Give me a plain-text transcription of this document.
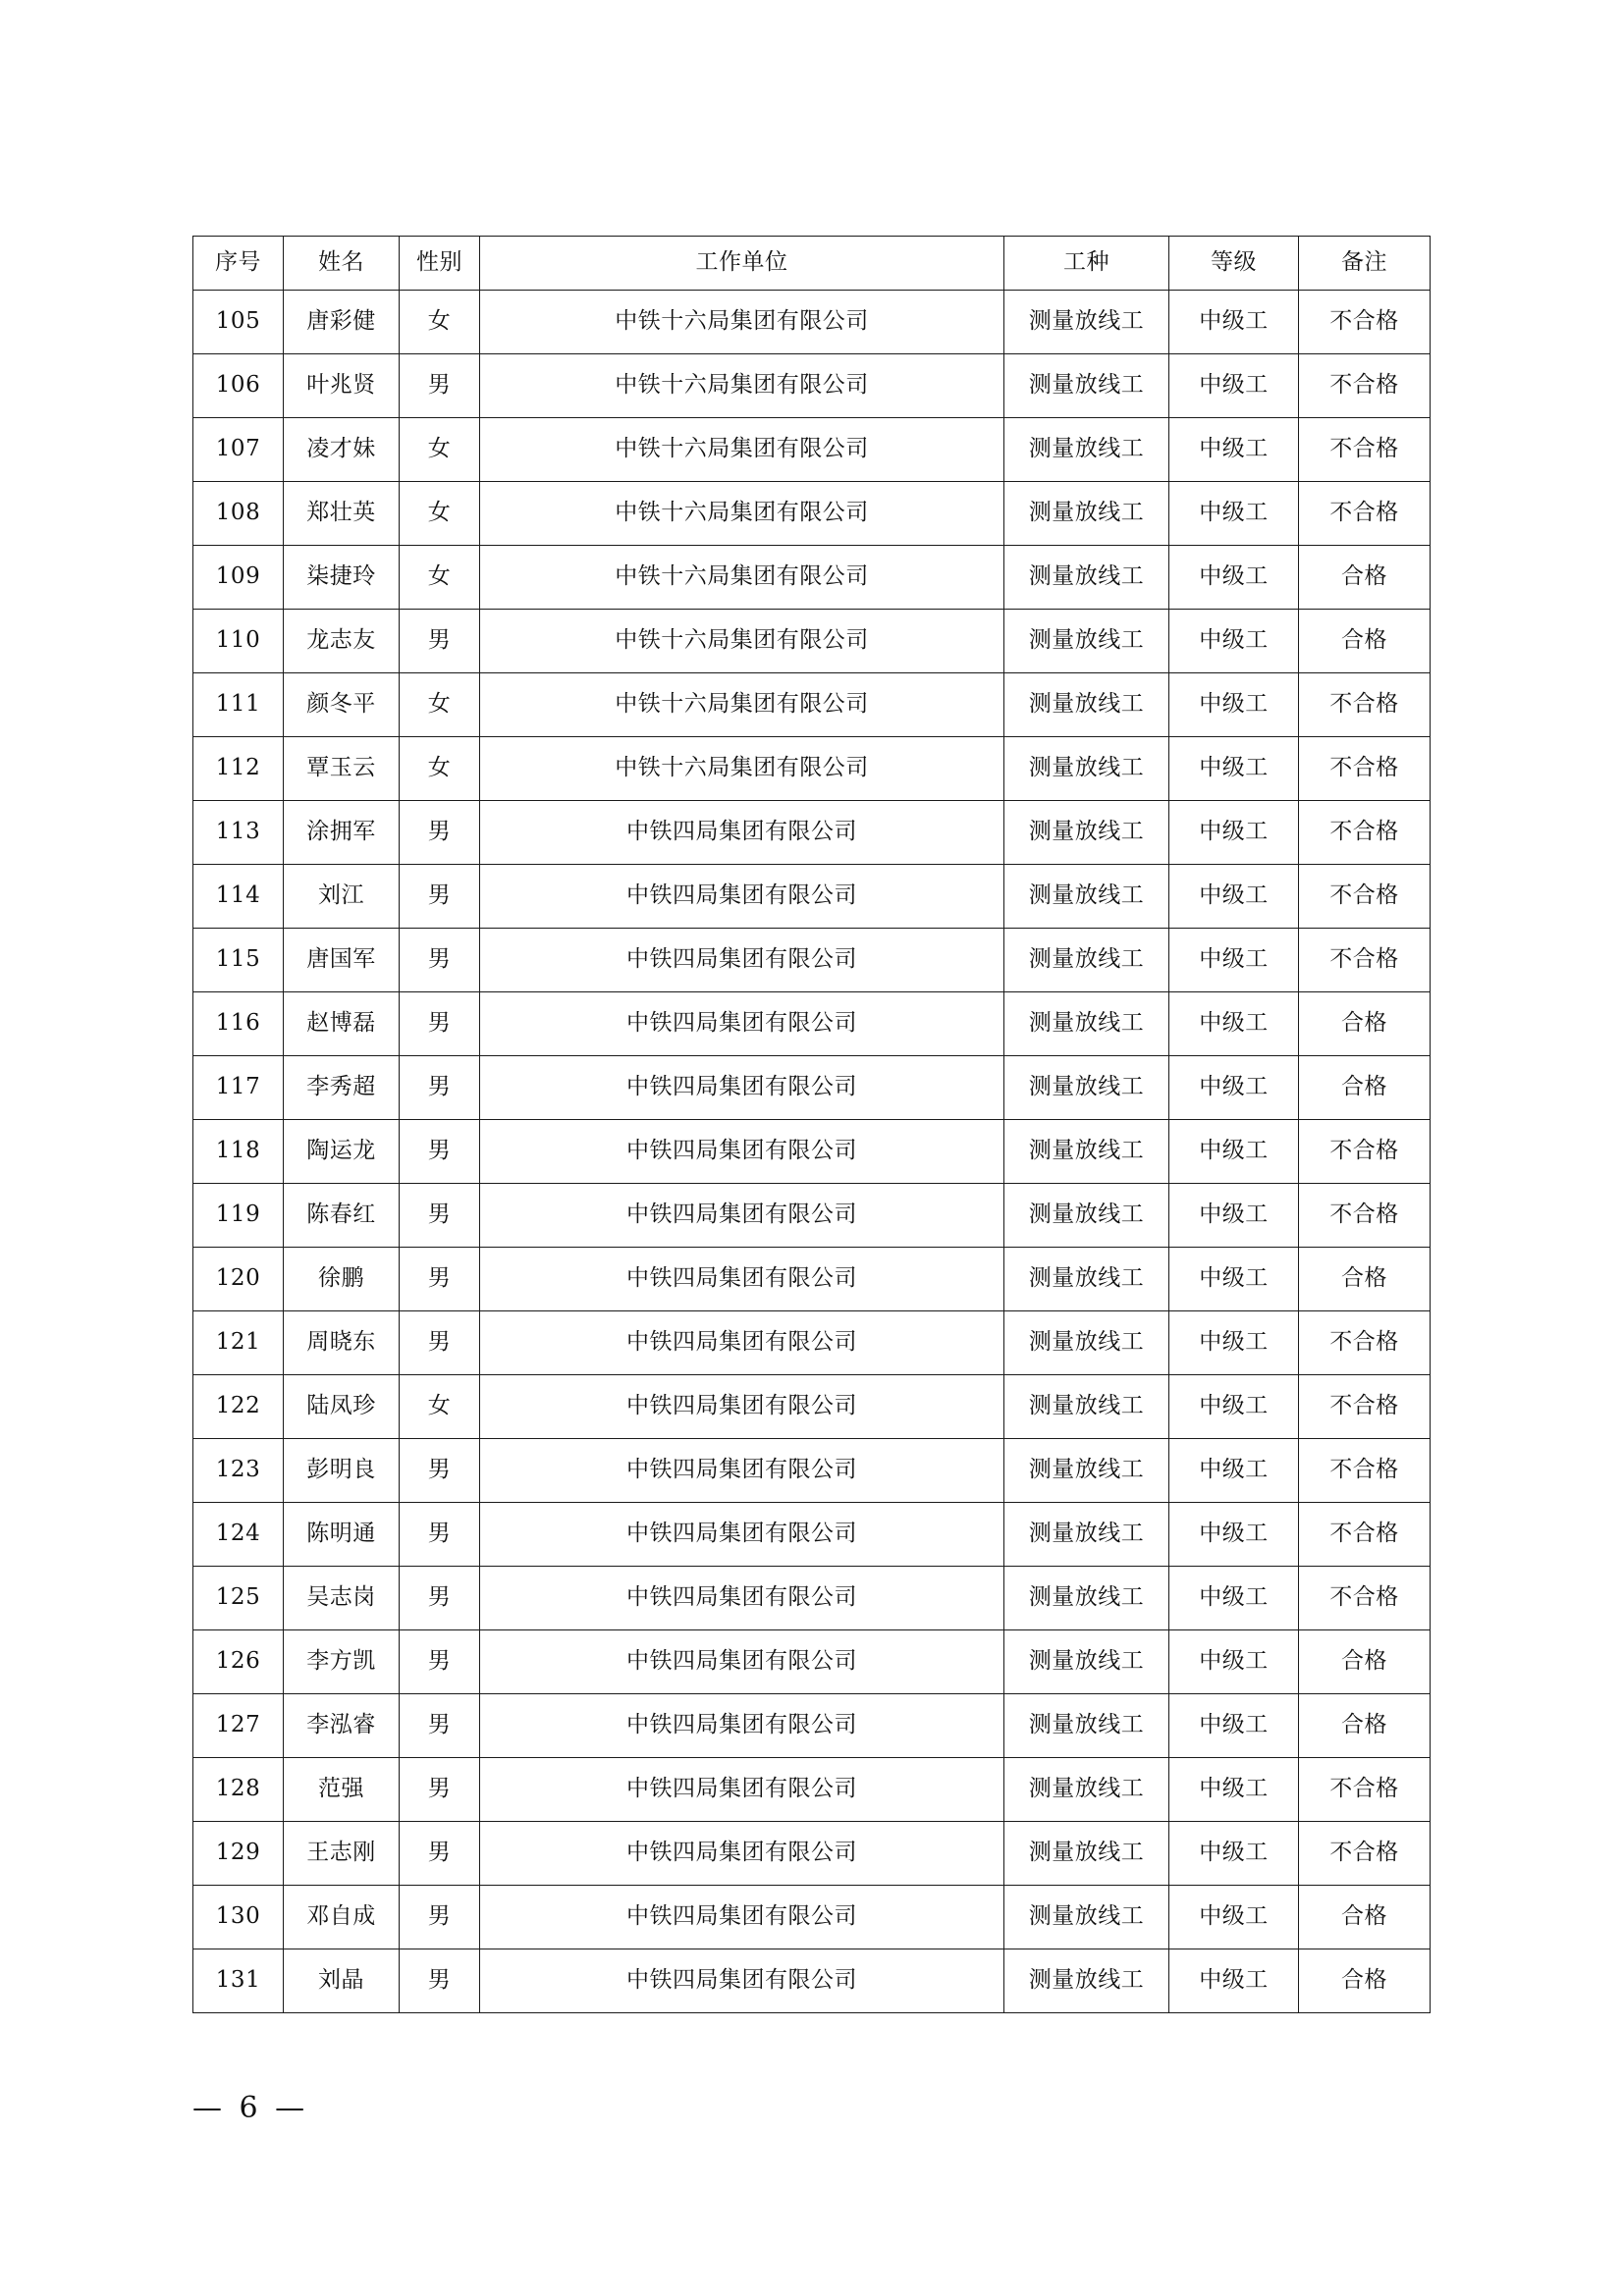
序号	姓名	性别	工作单位	工种	等级	备注
105	唐彩健	女	中铁十六局集团有限公司	测量放线工	中级工	不合格
106	叶兆贤	男	中铁十六局集团有限公司	测量放线工	中级工	不合格
107	凌才妹	女	中铁十六局集团有限公司	测量放线工	中级工	不合格
108	郑壮英	女	中铁十六局集团有限公司	测量放线工	中级工	不合格
109	柒捷玲	女	中铁十六局集团有限公司	测量放线工	中级工	合格
110	龙志友	男	中铁十六局集团有限公司	测量放线工	中级工	合格
111	颜冬平	女	中铁十六局集团有限公司	测量放线工	中级工	不合格
112	覃玉云	女	中铁十六局集团有限公司	测量放线工	中级工	不合格
113	涂拥军	男	中铁四局集团有限公司	测量放线工	中级工	不合格
114	刘江	男	中铁四局集团有限公司	测量放线工	中级工	不合格
115	唐国军	男	中铁四局集团有限公司	测量放线工	中级工	不合格
116	赵博磊	男	中铁四局集团有限公司	测量放线工	中级工	合格
117	李秀超	男	中铁四局集团有限公司	测量放线工	中级工	合格
118	陶运龙	男	中铁四局集团有限公司	测量放线工	中级工	不合格
119	陈春红	男	中铁四局集团有限公司	测量放线工	中级工	不合格
120	徐鹏	男	中铁四局集团有限公司	测量放线工	中级工	合格
121	周晓东	男	中铁四局集团有限公司	测量放线工	中级工	不合格
122	陆凤珍	女	中铁四局集团有限公司	测量放线工	中级工	不合格
123	彭明良	男	中铁四局集团有限公司	测量放线工	中级工	不合格
124	陈明通	男	中铁四局集团有限公司	测量放线工	中级工	不合格
125	吴志岗	男	中铁四局集团有限公司	测量放线工	中级工	不合格
126	李方凯	男	中铁四局集团有限公司	测量放线工	中级工	合格
127	李泓睿	男	中铁四局集团有限公司	测量放线工	中级工	合格
128	范强	男	中铁四局集团有限公司	测量放线工	中级工	不合格
129	王志刚	男	中铁四局集团有限公司	测量放线工	中级工	不合格
130	邓自成	男	中铁四局集团有限公司	测量放线工	中级工	合格
131	刘晶	男	中铁四局集团有限公司	测量放线工	中级工	合格
— 6 —
